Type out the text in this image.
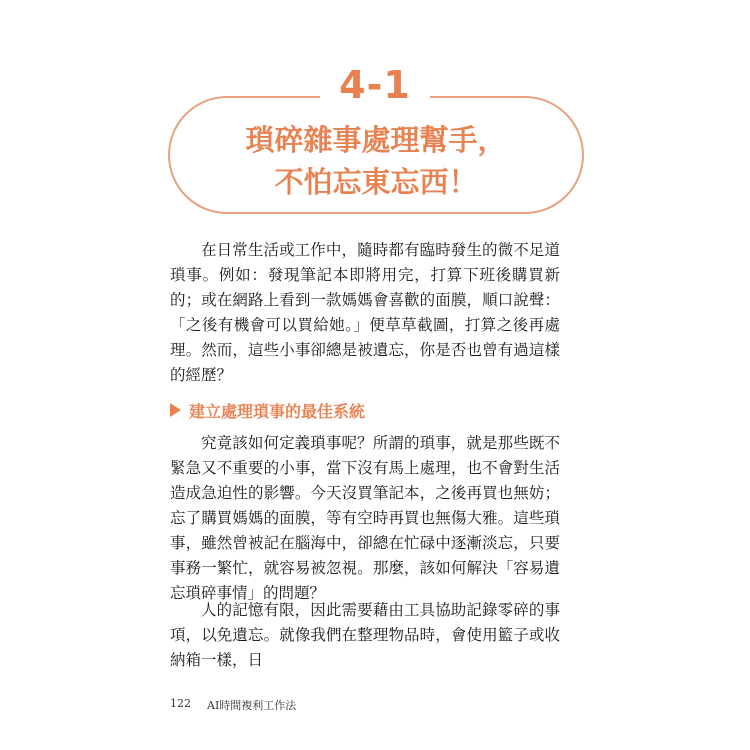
4-1
瑣碎雜事處理幫手，
不怕忘東忘西！

在日常生活或工作中，隨時都有臨時發生的微不足道瑣事。例如：發現筆記本即將用完，打算下班後購買新的；或在網路上看到一款媽媽會喜歡的面膜，順口說聲：「之後有機會可以買給她。」便草草截圖，打算之後再處理。然而，這些小事卻總是被遺忘，你是否也曾有過這樣的經歷？

建立處理瑣事的最佳系統

究竟該如何定義瑣事呢？所謂的瑣事，就是那些既不緊急又不重要的小事，當下沒有馬上處理，也不會對生活造成急迫性的影響。今天沒買筆記本，之後再買也無妨；忘了購買媽媽的面膜，等有空時再買也無傷大雅。這些瑣事，雖然曾被記在腦海中，卻總在忙碌中逐漸淡忘，只要事務一繁忙，就容易被忽視。那麼，該如何解決「容易遺忘瑣碎事情」的問題？

人的記憶有限，因此需要藉由工具協助記錄零碎的事項，以免遺忘。就像我們在整理物品時，會使用籃子或收納箱一樣，日

122 AI時間複利工作法
